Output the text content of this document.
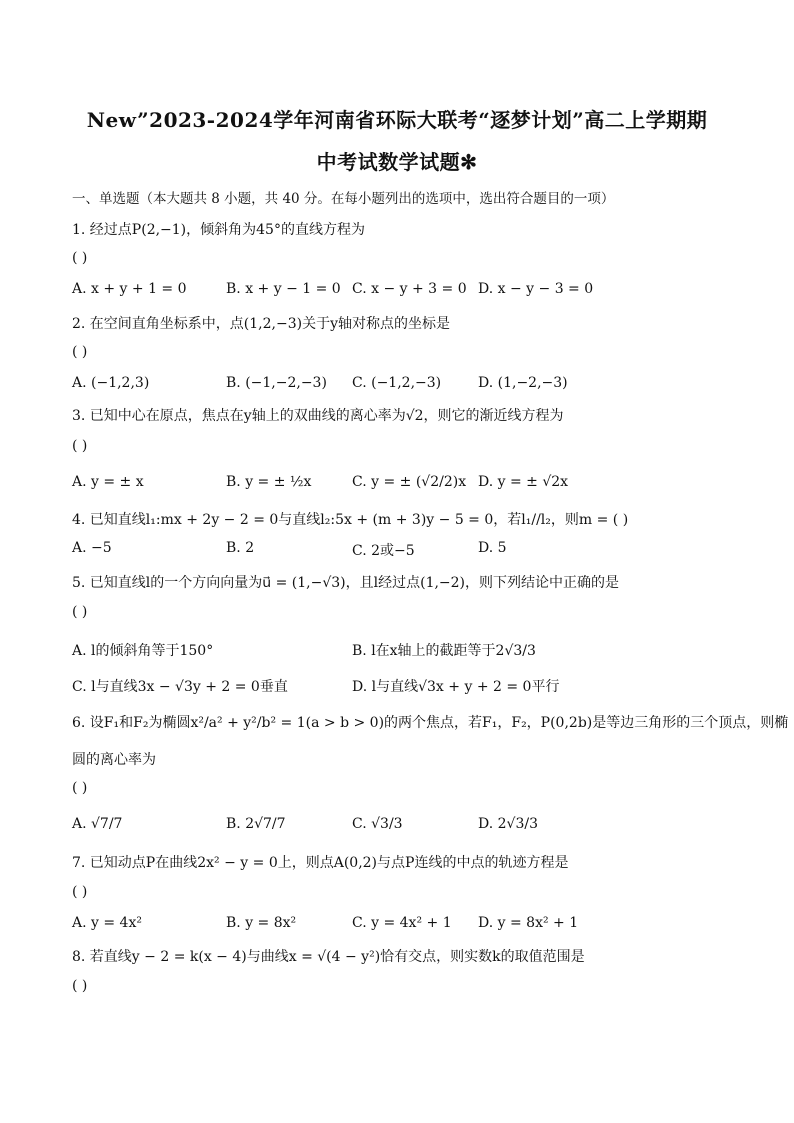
New”2023-2024学年河南省环际大联考“逐梦计划”高二上学期期
中考试数学试题✻
一、单选题（本大题共 8 小题，共 40 分。在每小题列出的选项中，选出符合题目的一项）
1. 经过点P(2,−1)，倾斜角为45°的直线方程为
( )
A. x + y + 1 = 0	B. x + y − 1 = 0 C. x − y + 3 = 0 D. x − y − 3 = 0
2. 在空间直角坐标系中，点(1,2,−3)关于y轴对称点的坐标是
( )
A. (−1,2,3)	B. (−1,−2,−3) C. (−1,2,−3)	D. (1,−2,−3)
3. 已知中心在原点，焦点在y轴上的双曲线的离心率为√2，则它的渐近线方程为
( )
A. y = ± x	B. y = ± ½x	C. y = ± (√2/2)x D. y = ± √2x
4. 已知直线l₁:mx + 2y − 2 = 0与直线l₂:5x + (m + 3)y − 5 = 0，若l₁//l₂，则m = ( )
A. −5	B. 2	C. 2或−5	D. 5
5. 已知直线l的一个方向向量为u⃗ = (1,−√3)，且l经过点(1,−2)，则下列结论中正确的是
( )
A. l的倾斜角等于150°	B. l在x轴上的截距等于2√3/3
C. l与直线3x − √3y + 2 = 0垂直	D. l与直线√3x + y + 2 = 0平行
6. 设F₁和F₂为椭圆x²/a² + y²/b² = 1(a > b > 0)的两个焦点，若F₁，F₂，P(0,2b)是等边三角形的三个顶点，则椭
圆的离心率为
( )
A. √7/7	B. 2√7/7	C. √3/3	D. 2√3/3
7. 已知动点P在曲线2x² − y = 0上，则点A(0,2)与点P连线的中点的轨迹方程是
( )
A. y = 4x²	B. y = 8x²	C. y = 4x² + 1 D. y = 8x² + 1
8. 若直线y − 2 = k(x − 4)与曲线x = √(4 − y²)恰有交点，则实数k的取值范围是
( )
